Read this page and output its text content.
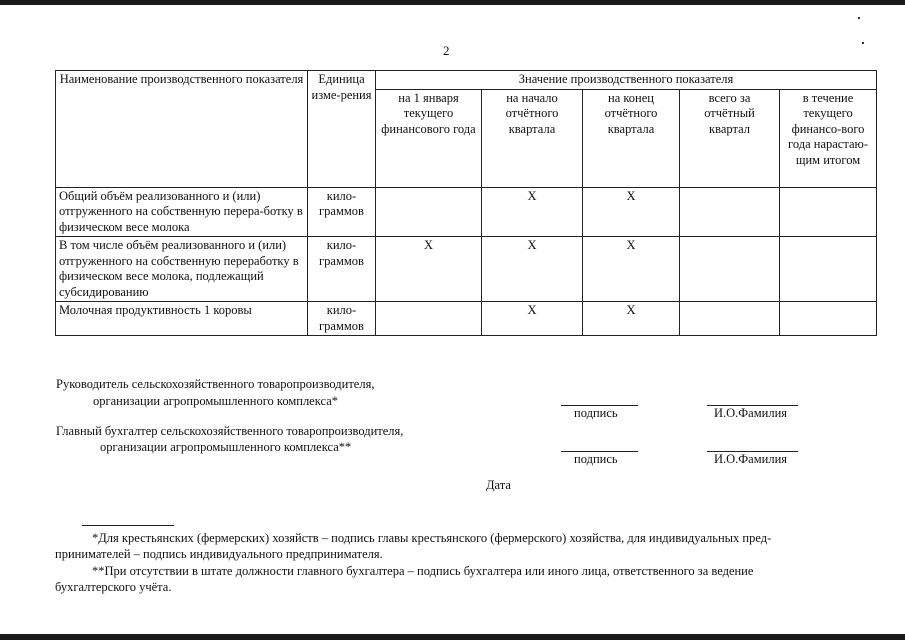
2
Наименование производственного показателя	Единица изме-рения	Значение производственного показателя				
		на 1 января текущего финансового года	на начало отчётного квартала	на конец отчётного квартала	всего за отчётный квартал	в течение текущего финансо-вого года нарастаю-щим итогом
Общий объём реализованного и (или) отгруженного на собственную перера-ботку в физическом весе молока	кило-граммов		X	X		
В том числе объём реализованного и (или) отгруженного на собственную переработку в физическом весе молока, подлежащий субсидированию	кило-граммов	X	X	X		
Молочная продуктивность 1 коровы	кило-граммов		X	X		
Руководитель сельскохозяйственного товаропроизводителя,
организации агропромышленного комплекса*
подпись	И.О.Фамилия
Главный бухгалтер сельскохозяйственного товаропроизводителя,
организации агропромышленного комплекса**
подпись	И.О.Фамилия
Дата
*Для крестьянских (фермерских) хозяйств – подпись главы крестьянского (фермерского) хозяйства, для индивидуальных пред-
принимателей – подпись индивидуального предпринимателя.
**При отсутствии в штате должности главного бухгалтера – подпись бухгалтера или иного лица, ответственного за ведение
бухгалтерского учёта.
